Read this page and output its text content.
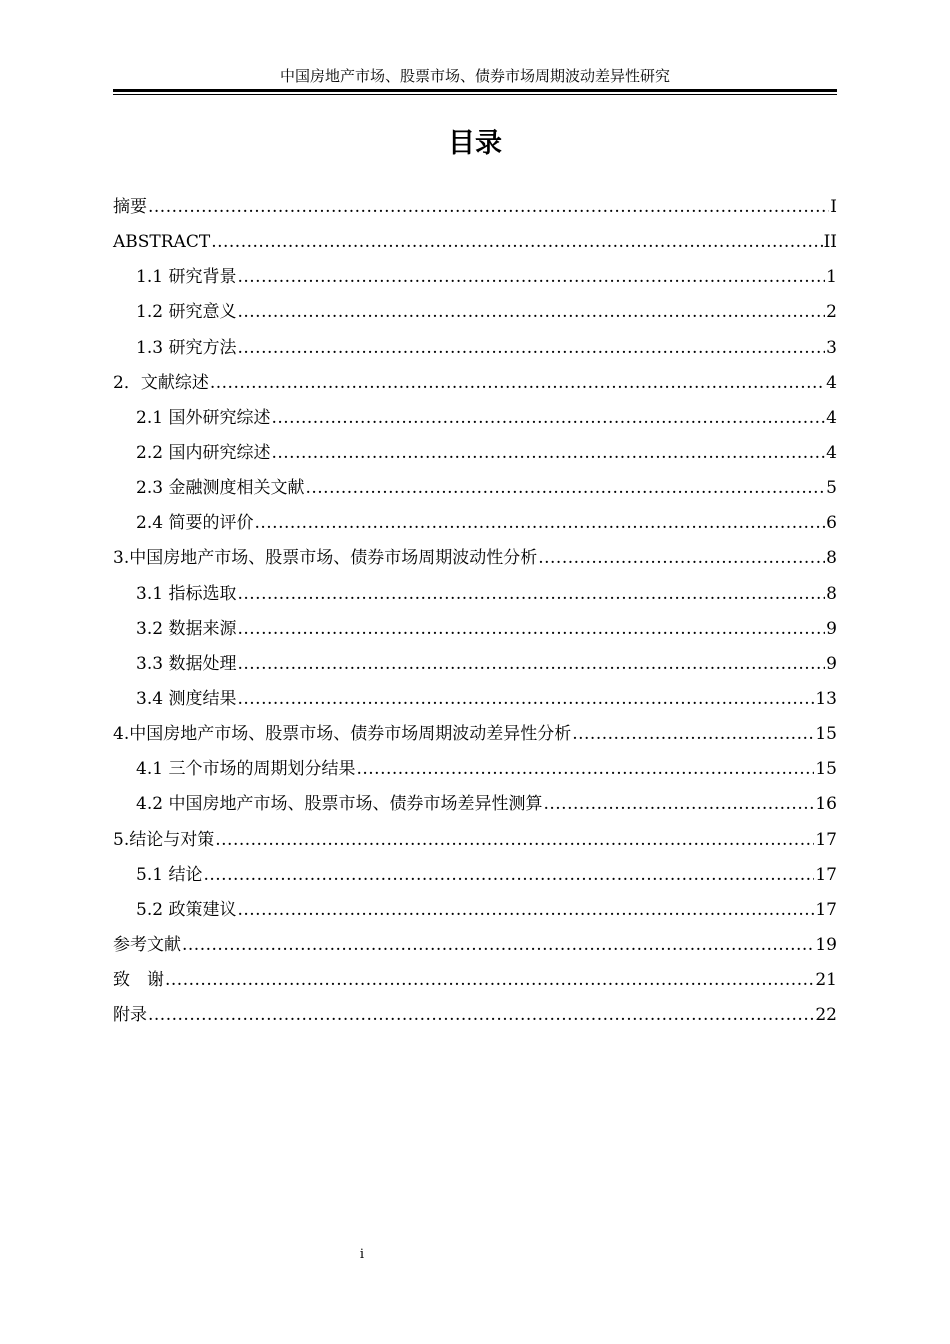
中国房地产市场、股票市场、债券市场周期波动差异性研究
目录
摘要 .....	I
ABSTRACT .....	II
1.1 研究背景 .....	1
1.2 研究意义 .....	2
1.3 研究方法 .....	3
2．文献综述 .....	4
2.1 国外研究综述 .....	4
2.2 国内研究综述 .....	4
2.3 金融测度相关文献 .....	5
2.4 简要的评价 .....	6
3.中国房地产市场、股票市场、债券市场周期波动性分析 .....	8
3.1 指标选取 .....	8
3.2 数据来源 .....	9
3.3 数据处理 .....	9
3.4 测度结果 .....	13
4.中国房地产市场、股票市场、债券市场周期波动差异性分析 .....	15
4.1 三个市场的周期划分结果 .....	15
4.2 中国房地产市场、股票市场、债券市场差异性测算 .....	16
5.结论与对策 .....	17
5.1 结论 .....	17
5.2 政策建议 .....	17
参考文献 .....	19
致　谢 .....	21
附录 .....	22
i
